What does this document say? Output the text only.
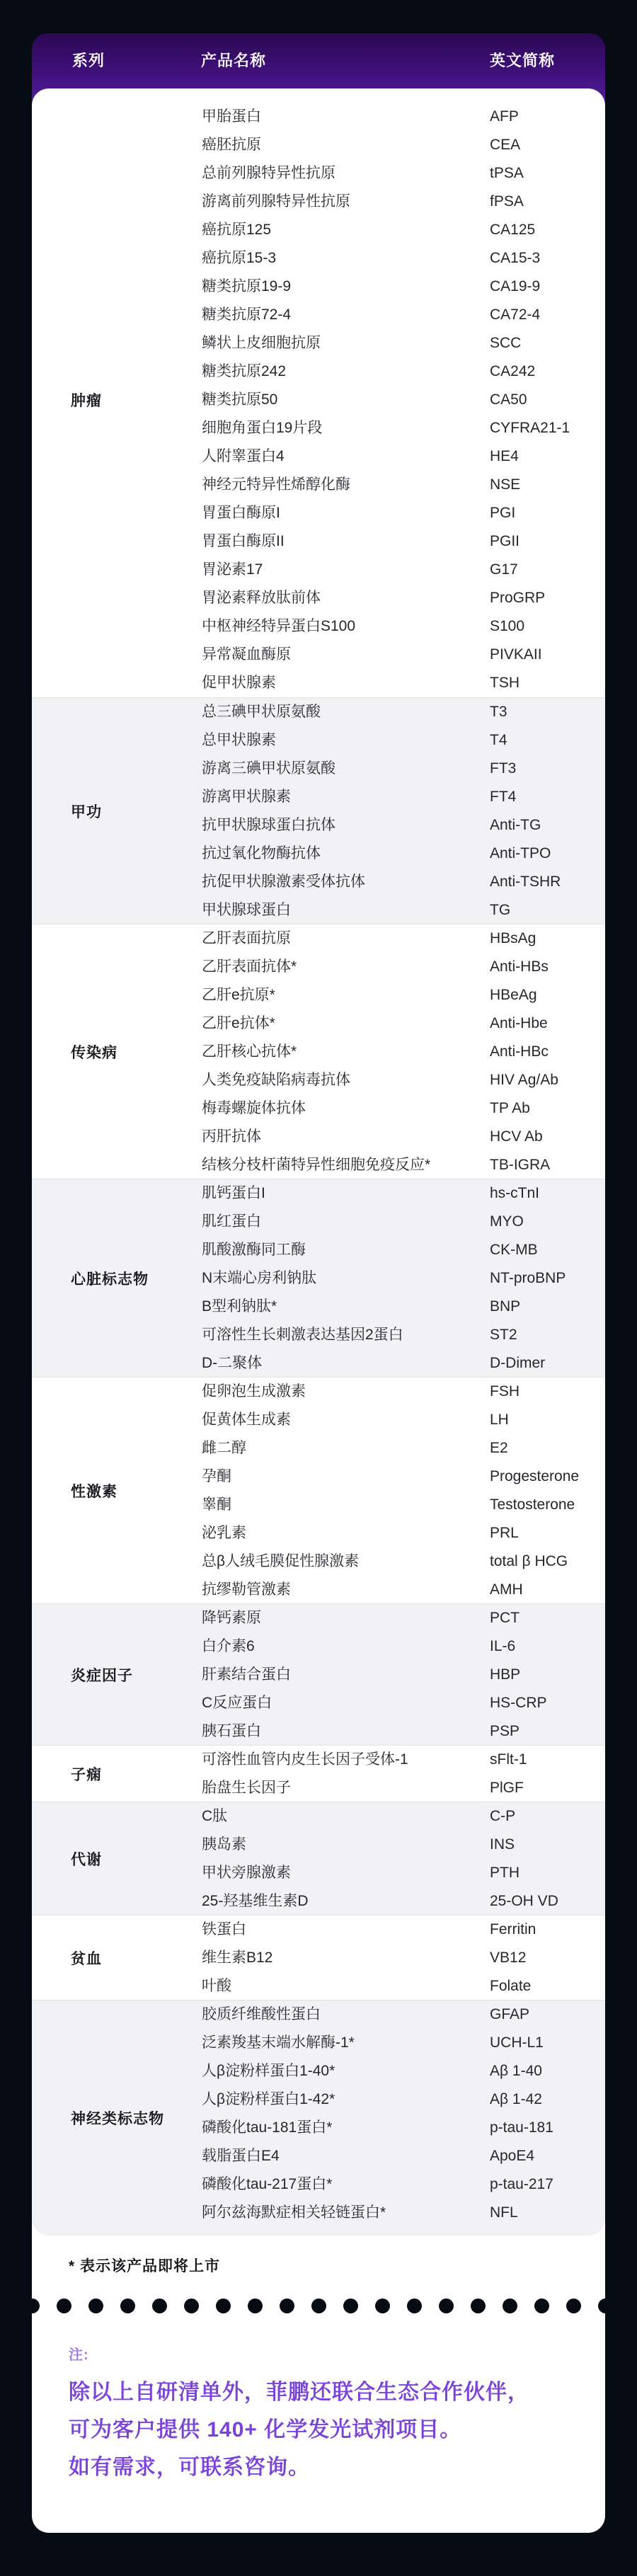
系列	产品名称	英文简称
肿瘤
甲胎蛋白	AFP
癌胚抗原	CEA
总前列腺特异性抗原	tPSA
游离前列腺特异性抗原	fPSA
癌抗原125	CA125
癌抗原15-3	CA15-3
糖类抗原19-9	CA19-9
糖类抗原72-4	CA72-4
鳞状上皮细胞抗原	SCC
糖类抗原242	CA242
糖类抗原50	CA50
细胞角蛋白19片段	CYFRA21-1
人附睾蛋白4	HE4
神经元特异性烯醇化酶	NSE
胃蛋白酶原I	PGI
胃蛋白酶原II	PGII
胃泌素17	G17
胃泌素释放肽前体	ProGRP
中枢神经特异蛋白S100	S100
异常凝血酶原	PIVKAII
促甲状腺素	TSH
甲功
总三碘甲状原氨酸	T3
总甲状腺素	T4
游离三碘甲状原氨酸	FT3
游离甲状腺素	FT4
抗甲状腺球蛋白抗体	Anti-TG
抗过氧化物酶抗体	Anti-TPO
抗促甲状腺激素受体抗体	Anti-TSHR
甲状腺球蛋白	TG
传染病
乙肝表面抗原	HBsAg
乙肝表面抗体*	Anti-HBs
乙肝e抗原*	HBeAg
乙肝e抗体*	Anti-Hbe
乙肝核心抗体*	Anti-HBc
人类免疫缺陷病毒抗体	HIV Ag/Ab
梅毒螺旋体抗体	TP Ab
丙肝抗体	HCV Ab
结核分枝杆菌特异性细胞免疫反应*	TB-IGRA
心脏标志物
肌钙蛋白I	hs-cTnI
肌红蛋白	MYO
肌酸激酶同工酶	CK-MB
N末端心房利钠肽	NT-proBNP
B型利钠肽*	BNP
可溶性生长刺激表达基因2蛋白	ST2
D-二聚体	D-Dimer
性激素
促卵泡生成激素	FSH
促黄体生成素	LH
雌二醇	E2
孕酮	Progesterone
睾酮	Testosterone
泌乳素	PRL
总β人绒毛膜促性腺激素	total β HCG
抗缪勒管激素	AMH
炎症因子
降钙素原	PCT
白介素6	IL-6
肝素结合蛋白	HBP
C反应蛋白	HS-CRP
胰石蛋白	PSP
子痫
可溶性血管内皮生长因子受体-1	sFlt-1
胎盘生长因子	PlGF
代谢
C肽	C-P
胰岛素	INS
甲状旁腺激素	PTH
25-羟基维生素D	25-OH VD
贫血
铁蛋白	Ferritin
维生素B12	VB12
叶酸	Folate
神经类标志物
胶质纤维酸性蛋白	GFAP
泛素羧基末端水解酶-1*	UCH-L1
人β淀粉样蛋白1-40*	Aβ 1-40
人β淀粉样蛋白1-42*	Aβ 1-42
磷酸化tau-181蛋白*	p-tau-181
载脂蛋白E4	ApoE4
磷酸化tau-217蛋白*	p-tau-217
阿尔兹海默症相关轻链蛋白*	NFL
* 表示该产品即将上市
注:
除以上自研清单外，菲鹏还联合生态合作伙伴，
可为客户提供 140+ 化学发光试剂项目。
如有需求，可联系咨询。
